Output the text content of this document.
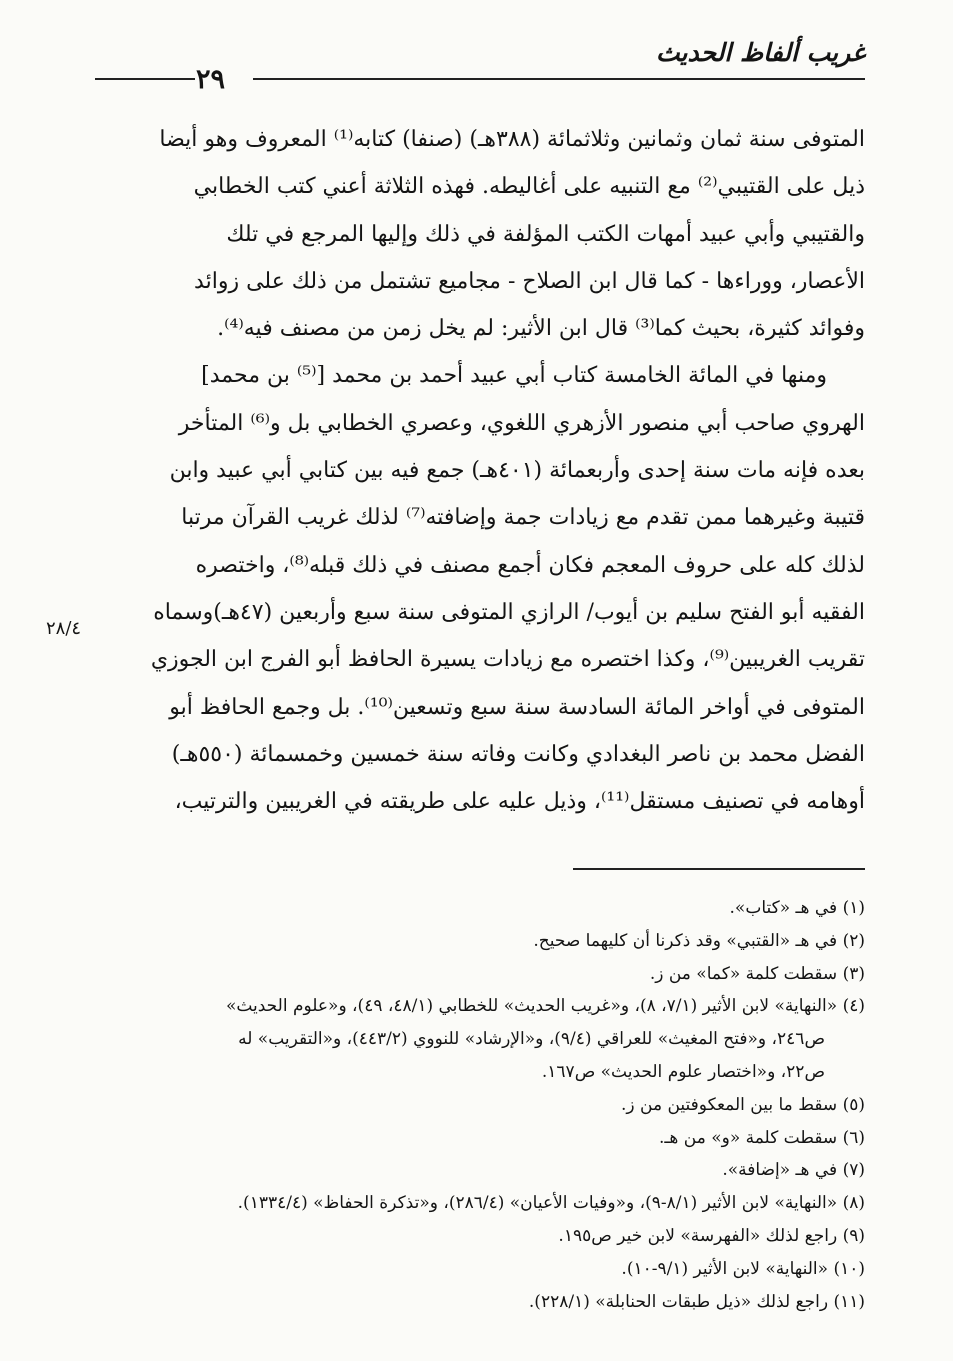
غريب ألفاظ الحديث
٢٩
المتوفى سنة ثمان وثمانين وثلاثمائة (٣٨٨هـ) (صنفا) كتابه⁽¹⁾ المعروف وهو أيضا
ذيل على القتيبي⁽²⁾ مع التنبيه على أغاليطه. فهذه الثلاثة أعني كتب الخطابي
والقتيبي وأبي عبيد أمهات الكتب المؤلفة في ذلك وإليها المرجع في تلك
الأعصار، ووراءها - كما قال ابن الصلاح - مجاميع تشتمل من ذلك على زوائد
وفوائد كثيرة، بحيث كما⁽³⁾ قال ابن الأثير: لم يخل زمن من مصنف فيه⁽⁴⁾.
ومنها في المائة الخامسة كتاب أبي عبيد أحمد بن محمد [⁽⁵⁾ بن محمد]
الهروي صاحب أبي منصور الأزهري اللغوي، وعصري الخطابي بل و⁽⁶⁾ المتأخر
بعده فإنه مات سنة إحدى وأربعمائة (٤٠١هـ) جمع فيه بين كتابي أبي عبيد وابن
قتيبة وغيرهما ممن تقدم مع زيادات جمة وإضافته⁽⁷⁾ لذلك غريب القرآن مرتبا
لذلك كله على حروف المعجم فكان أجمع مصنف في ذلك قبله⁽⁸⁾، واختصره
الفقيه أبو الفتح سليم بن أيوب/ الرازي المتوفى سنة سبع وأربعين (٤٧هـ)وسماه
تقريب الغريبين⁽⁹⁾، وكذا اختصره مع زيادات يسيرة الحافظ أبو الفرج ابن الجوزي
المتوفى في أواخر المائة السادسة سنة سبع وتسعين⁽¹⁰⁾. بل وجمع الحافظ أبو
الفضل محمد بن ناصر البغدادي وكانت وفاته سنة خمسين وخمسمائة (٥٥٠هـ)
أوهامه في تصنيف مستقل⁽¹¹⁾، وذيل عليه على طريقته في الغريبين والترتيب،
٢٨/٤
(١) في هـ «كتاب».
(٢) في هـ «القتبي» وقد ذكرنا أن كليهما صحيح.
(٣) سقطت كلمة «كما» من ز.
(٤) «النهاية» لابن الأثير (٧/١، ٨)، و«غريب الحديث» للخطابي (٤٨/١، ٤٩)، و«علوم الحديث»
ص٢٤٦، و«فتح المغيث» للعراقي (٩/٤)، و«الإرشاد» للنووي (٤٤٣/٢)، و«التقريب» له
ص٢٢، و«اختصار علوم الحديث» ص١٦٧.
(٥) سقط ما بين المعكوفتين من ز.
(٦) سقطت كلمة «و» من هـ.
(٧) في هـ «إضافة».
(٨) «النهاية» لابن الأثير (٨/١-٩)، و«وفيات الأعيان» (٢٨٦/٤)، و«تذكرة الحفاظ» (١٣٣٤/٤).
(٩) راجع لذلك «الفهرسة» لابن خير ص١٩٥.
(١٠) «النهاية» لابن الأثير (٩/١-١٠).
(١١) راجع لذلك «ذيل طبقات الحنابلة» (٢٢٨/١).
